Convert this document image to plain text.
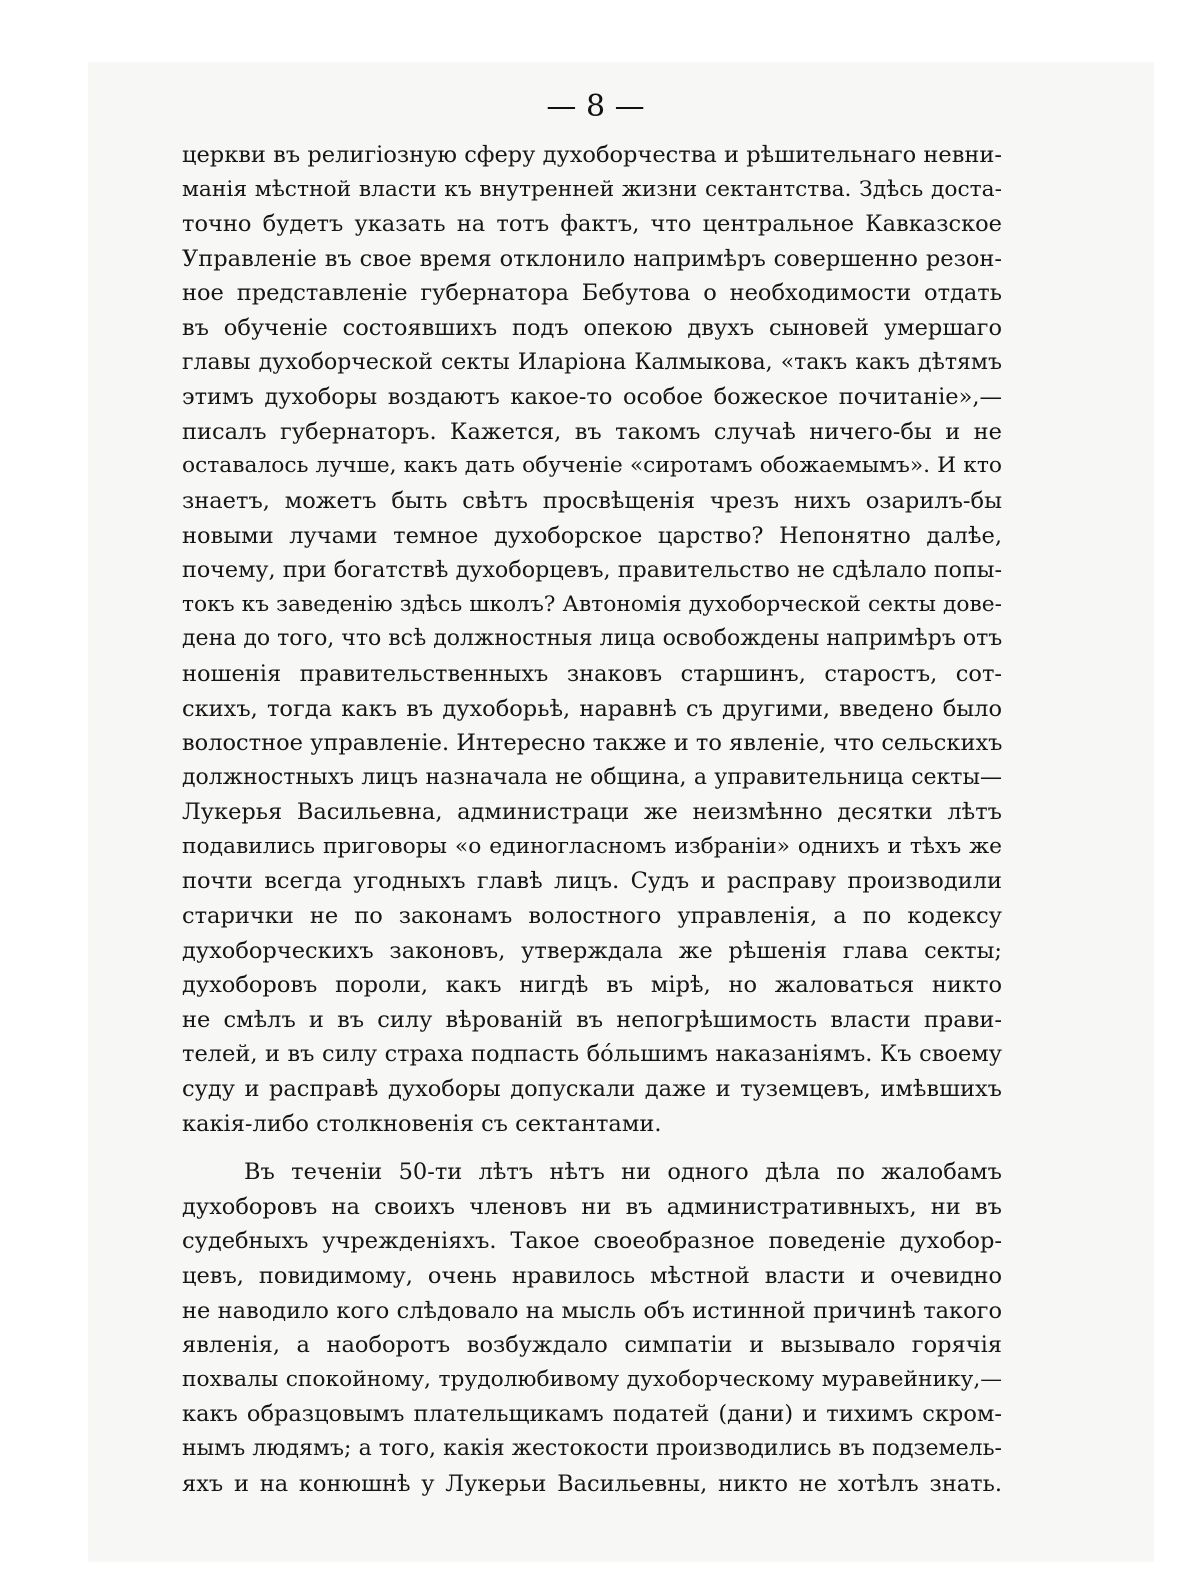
— 8 —
церкви въ религіозную сферу духоборчества и рѣшительнаго невни-
манія мѣстной власти къ внутренней жизни сектантства. Здѣсь доста-
точно будетъ указать на тотъ фактъ, что центральное Кавказское
Управленіе въ свое время отклонило напримѣръ совершенно резон-
ное представленіе губернатора Бебутова о необходимости отдать
въ обученіе состоявшихъ подъ опекою двухъ сыновей умершаго
главы духоборческой секты Иларіона Калмыкова, «такъ какъ дѣтямъ
этимъ духоборы воздаютъ какое-то особое божеское почитаніе»,—
писалъ губернаторъ. Кажется, въ такомъ случаѣ ничего-бы и не
оставалось лучше, какъ дать обученіе «сиротамъ обожаемымъ». И кто
знаетъ, можетъ быть свѣтъ просвѣщенія чрезъ нихъ озарилъ-бы
новыми лучами темное духоборское царство? Непонятно далѣе,
почему, при богатствѣ духоборцевъ, правительство не сдѣлало попы-
токъ къ заведенію здѣсь школъ? Автономія духоборческой секты дове-
дена до того, что всѣ должностныя лица освобождены напримѣръ отъ
ношенія правительственныхъ знаковъ старшинъ, старостъ, сот-
скихъ, тогда какъ въ духоборьѣ, наравнѣ съ другими, введено было
волостное управленіе. Интересно также и то явленіе, что сельскихъ
должностныхъ лицъ назначала не община, а управительница секты—
Лукерья Васильевна, администраци же неизмѣнно десятки лѣтъ
подавились приговоры «о единогласномъ избраніи» однихъ и тѣхъ же
почти всегда угодныхъ главѣ лицъ. Судъ и расправу производили
старички не по законамъ волостного управленія, а по кодексу
духоборческихъ законовъ, утверждала же рѣшенія глава секты;
духоборовъ пороли, какъ нигдѣ въ мірѣ, но жаловаться никто
не смѣлъ и въ силу вѣрованій въ непогрѣшимость власти прави-
телей, и въ силу страха подпасть бóльшимъ наказаніямъ. Къ своему
суду и расправѣ духоборы допускали даже и туземцевъ, имѣвшихъ
какія-либо столкновенія съ сектантами.
Въ теченіи 50-ти лѣтъ нѣтъ ни одного дѣла по жалобамъ
духоборовъ на своихъ членовъ ни въ административныхъ, ни въ
судебныхъ учрежденіяхъ. Такое своеобразное поведеніе духобор-
цевъ, повидимому, очень нравилось мѣстной власти и очевидно
не наводило кого слѣдовало на мысль объ истинной причинѣ такого
явленія, а наоборотъ возбуждало симпатіи и вызывало горячія
похвалы спокойному, трудолюбивому духоборческому муравейнику,—
какъ образцовымъ плательщикамъ податей (дани) и тихимъ скром-
нымъ людямъ; а того, какія жестокости производились въ подземель-
яхъ и на конюшнѣ у Лукерьи Васильевны, никто не хотѣлъ знать.
